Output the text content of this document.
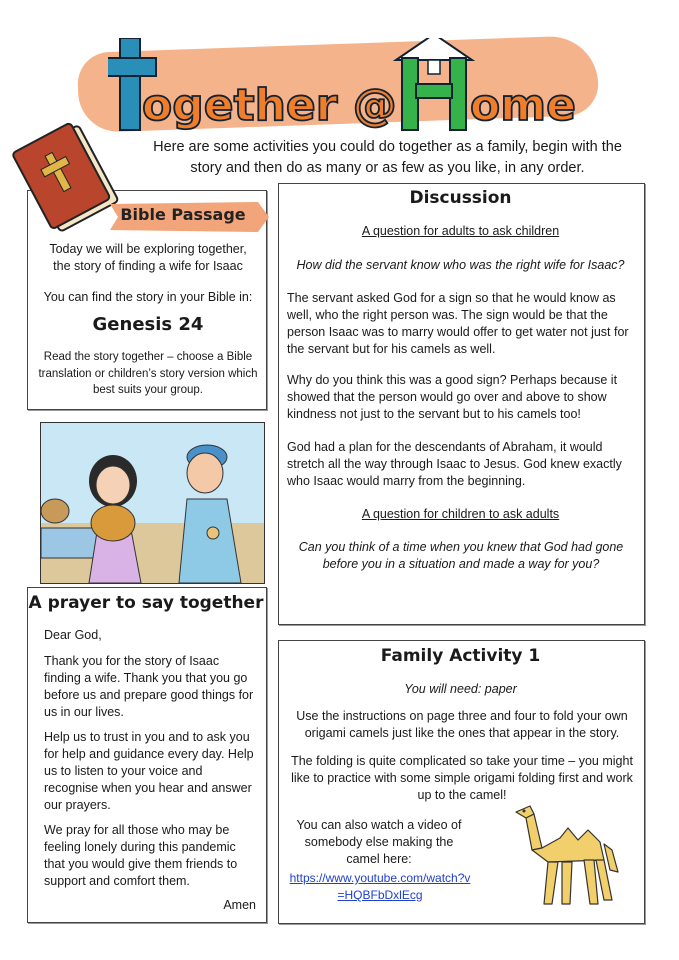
ogether @ ome
Here are some activities you could do together as a family, begin with the story and then do as many or as few as you like, in any order.
Bible Passage
Today we will be exploring together, the story of finding a wife for Isaac
You can find the story in your Bible in:
Genesis 24
Read the story together – choose a Bible translation or children’s story version which best suits your group.
Discussion
A question for adults to ask children
How did the servant know who was the right wife for Isaac?
The servant asked God for a sign so that he would know as well, who the right person was. The sign would be that the person Isaac was to marry would offer to get water not just for the servant but for his camels as well.
Why do you think this was a good sign? Perhaps because it showed that the person would go over and above to show kindness not just to the servant but to his camels too!
God had a plan for the descendants of Abraham, it would stretch all the way through Isaac to Jesus. God knew exactly who Isaac would marry from the beginning.
A question for children to ask adults
Can you think of a time when you knew that God had gone before you in a situation and made a way for you?
A prayer to say together
Dear God,
Thank you for the story of Isaac finding a wife. Thank you that you go before us and prepare good things for us in our lives.
Help us to trust in you and to ask you for help and guidance every day. Help us to listen to your voice and recognise when you hear and answer our prayers.
We pray for all those who may be feeling lonely during this pandemic that you would give them friends to support and comfort them.
Amen
Family Activity 1
You will need: paper
Use the instructions on page three and four to fold your own origami camels just like the ones that appear in the story.
The folding is quite complicated so take your time – you might like to practice with some simple origami folding first and work up to the camel!
You can also watch a video of somebody else making the camel here:
https://www.youtube.com/watch?v
=HQBFbDxlEcg
